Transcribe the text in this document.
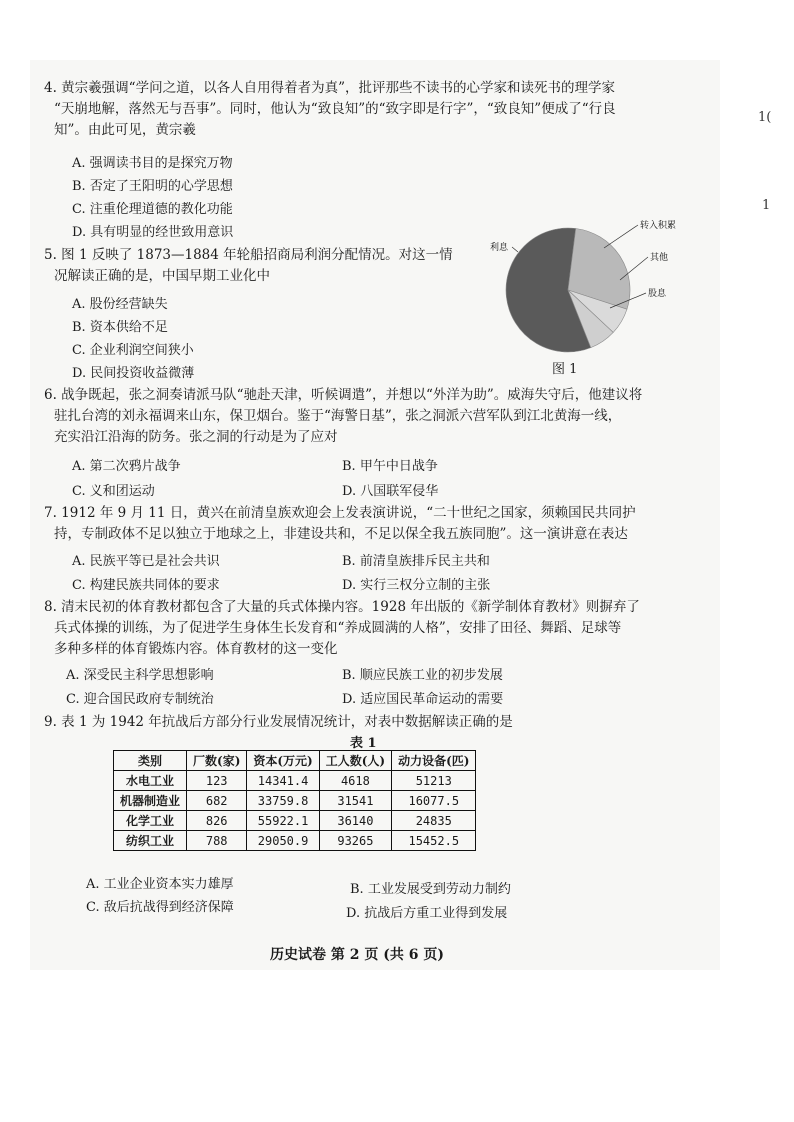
4. 黄宗羲强调“学问之道，以各人自用得着者为真”，批评那些不读书的心学家和读死书的理学家

“天崩地解，落然无与吾事”。同时，他认为“致良知”的“致字即是行字”，“致良知”便成了“行良

知”。由此可见，黄宗羲

A. 强调读书目的是探究万物
B. 否定了王阳明的心学思想
C. 注重伦理道德的教化功能
D. 具有明显的经世致用意识

5. 图 1 反映了 1873—1884 年轮船招商局利润分配情况。对这一情

况解读正确的是，中国早期工业化中

A. 股份经营缺失
B. 资本供给不足
C. 企业利润空间狭小
D. 民间投资收益微薄
利息
股息
其他
转入积累
图 1

6. 战争既起，张之洞奏请派马队“驰赴天津，听候调遣”，并想以“外洋为助”。威海失守后，他建议将

驻扎台湾的刘永福调来山东，保卫烟台。鉴于“海警日基”，张之洞派六营军队到江北黄海一线，

充实沿江沿海的防务。张之洞的行动是为了应对

A. 第二次鸦片战争	B. 甲午中日战争
C. 义和团运动	D. 八国联军侵华

7. 1912 年 9 月 11 日，黄兴在前清皇族欢迎会上发表演讲说，“二十世纪之国家，须赖国民共同护

持，专制政体不足以独立于地球之上，非建设共和，不足以保全我五族同胞”。这一演讲意在表达

A. 民族平等已是社会共识	B. 前清皇族排斥民主共和
C. 构建民族共同体的要求	D. 实行三权分立制的主张

8. 清末民初的体育教材都包含了大量的兵式体操内容。1928 年出版的《新学制体育教材》则摒弃了

兵式体操的训练，为了促进学生身体生长发育和“养成圆满的人格”，安排了田径、舞蹈、足球等

多种多样的体育锻炼内容。体育教材的这一变化

A. 深受民主科学思想影响	B. 顺应民族工业的初步发展
C. 迎合国民政府专制统治	D. 适应国民革命运动的需要

9. 表 1 为 1942 年抗战后方部分行业发展情况统计，对表中数据解读正确的是

表 1
类别	厂数(家)	资本(万元)	工人数(人)	动力设备(匹)
水电工业	123	14341.4	4618	51213
机器制造业	682	33759.8	31541	16077.5
化学工业	826	55922.1	36140	24835
纺织工业	788	29050.9	93265	15452.5
A. 工业企业资本实力雄厚	B. 工业发展受到劳动力制约
C. 敌后抗战得到经济保障	D. 抗战后方重工业得到发展
历史试卷 第 2 页 (共 6 页)
1(
1
